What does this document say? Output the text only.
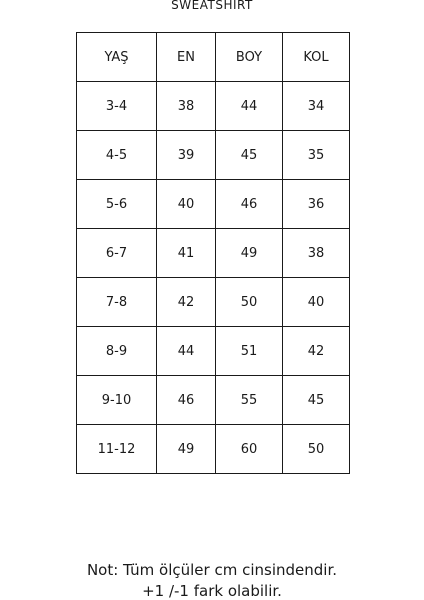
SWEATSHIRT
YAŞ	EN	BOY	KOL
3-4	38	44	34
4-5	39	45	35
5-6	40	46	36
6-7	41	49	38
7-8	42	50	40
8-9	44	51	42
9-10	46	55	45
11-12	49	60	50
Not: Tüm ölçüler cm cinsindendir.
+1 /-1 fark olabilir.
